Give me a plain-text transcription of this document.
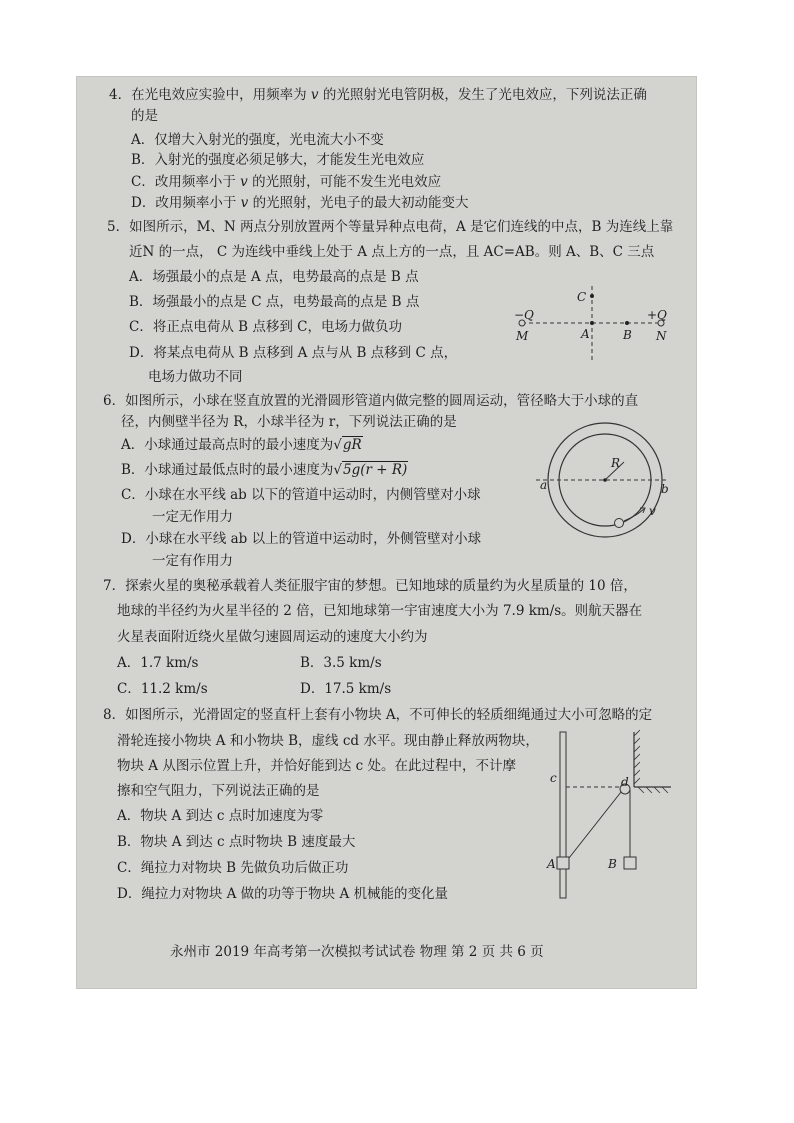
4．在光电效应实验中，用频率为 v 的光照射光电管阴极，发生了光电效应，下列说法正确
的是
A．仅增大入射光的强度，光电流大小不变
B．入射光的强度必须足够大，才能发生光电效应
C．改用频率小于 v 的光照射，可能不发生光电效应
D．改用频率小于 v 的光照射，光电子的最大初动能变大
5．如图所示，M、N 两点分别放置两个等量异种点电荷，A 是它们连线的中点，B 为连线上靠
近N 的一点， C 为连线中垂线上处于 A 点上方的一点，且 AC=AB。则 A、B、C 三点
A．场强最小的点是 A 点，电势最高的点是 B 点
B．场强最小的点是 C 点，电势最高的点是 B 点
C．将正点电荷从 B 点移到 C，电场力做负功
D．将某点电荷从 B 点移到 A 点与从 B 点移到 C 点，
电场力做功不同
−Q	+Q
M	N
A	B
C
6．如图所示，小球在竖直放置的光滑圆形管道内做完整的圆周运动，管径略大于小球的直
径，内侧壁半径为 R，小球半径为 r，下列说法正确的是
A．小球通过最高点时的最小速度为√gR
B．小球通过最低点时的最小速度为√5g(r + R)
C．小球在水平线 ab 以下的管道中运动时，内侧管壁对小球
一定无作用力
D．小球在水平线 ab 以上的管道中运动时，外侧管壁对小球
一定有作用力
R
a	b
v
7．探索火星的奥秘承载着人类征服宇宙的梦想。已知地球的质量约为火星质量的 10 倍，
地球的半径约为火星半径的 2 倍，已知地球第一宇宙速度大小为 7.9 km/s。则航天器在
火星表面附近绕火星做匀速圆周运动的速度大小约为
A．1.7 km/s	B．3.5 km/s
C．11.2 km/s	D．17.5 km/s
8．如图所示，光滑固定的竖直杆上套有小物块 A，不可伸长的轻质细绳通过大小可忽略的定
滑轮连接小物块 A 和小物块 B，虚线 cd 水平。现由静止释放两物块，
物块 A 从图示位置上升，并恰好能到达 c 处。在此过程中，不计摩
擦和空气阻力，下列说法正确的是
A．物块 A 到达 c 点时加速度为零
B．物块 A 到达 c 点时物块 B 速度最大
C．绳拉力对物块 B 先做负功后做正功
D．绳拉力对物块 A 做的功等于物块 A 机械能的变化量
c	d
A	B
永州市 2019 年高考第一次模拟考试试卷 物理 第 2 页 共 6 页
